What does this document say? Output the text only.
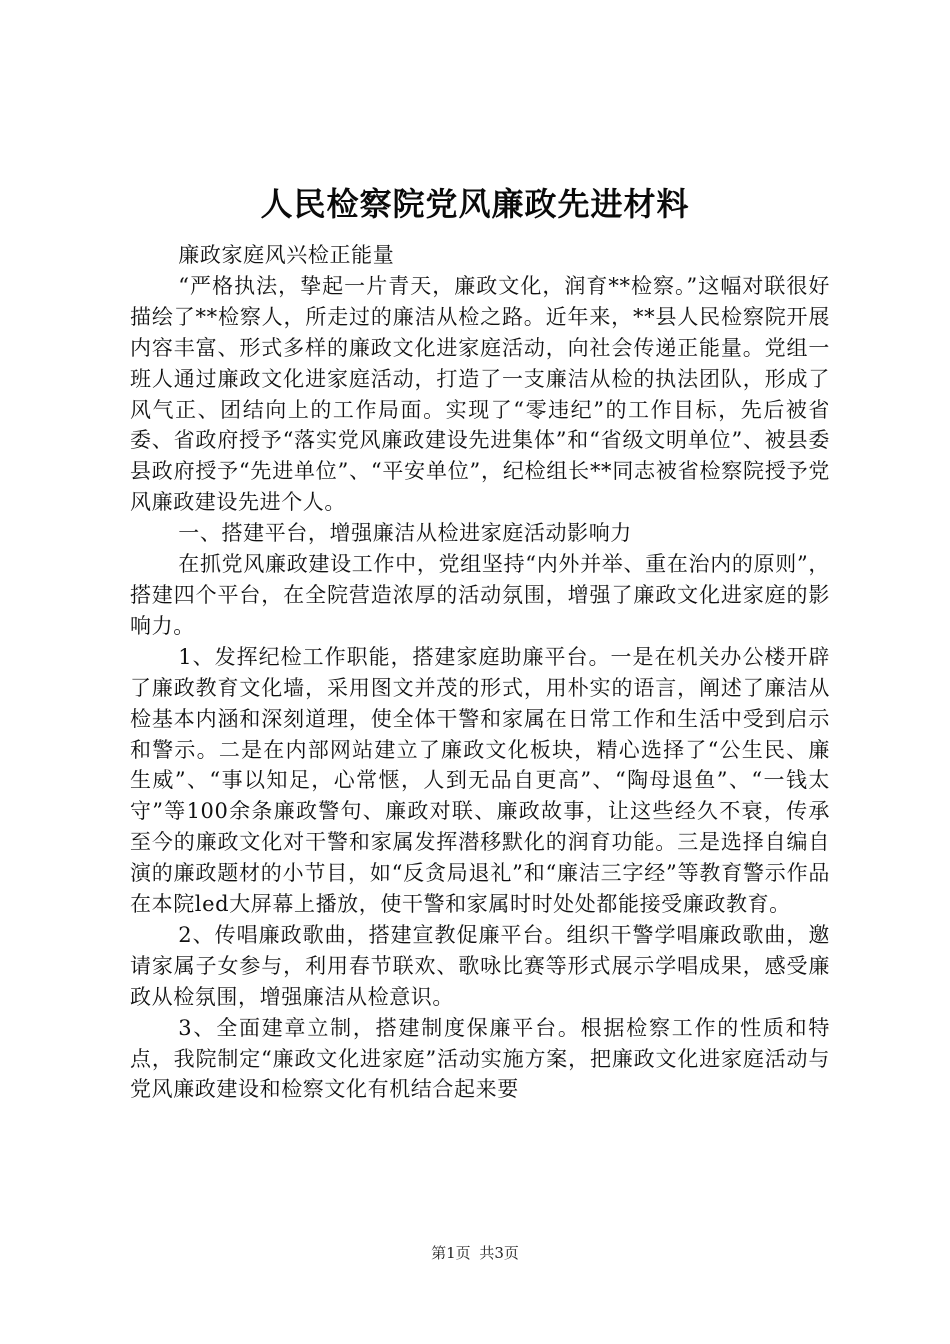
人民检察院党风廉政先进材料

廉政家庭风兴检正能量

“严格执法，挚起一片青天，廉政文化，润育**检察。”这幅对联很好描绘了**检察人，所走过的廉洁从检之路。近年来，**县人民检察院开展内容丰富、形式多样的廉政文化进家庭活动，向社会传递正能量。党组一班人通过廉政文化进家庭活动，打造了一支廉洁从检的执法团队，形成了风气正、团结向上的工作局面。实现了“零违纪”的工作目标，先后被省委、省政府授予“落实党风廉政建设先进集体”和“省级文明单位”、被县委县政府授予“先进单位”、“平安单位”，纪检组长**同志被省检察院授予党风廉政建设先进个人。

一、搭建平台，增强廉洁从检进家庭活动影响力

在抓党风廉政建设工作中，党组坚持“内外并举、重在治内的原则”，搭建四个平台，在全院营造浓厚的活动氛围，增强了廉政文化进家庭的影响力。

1、发挥纪检工作职能，搭建家庭助廉平台。一是在机关办公楼开辟了廉政教育文化墙，采用图文并茂的形式，用朴实的语言，阐述了廉洁从检基本内涵和深刻道理，使全体干警和家属在日常工作和生活中受到启示和警示。二是在内部网站建立了廉政文化板块，精心选择了“公生民、廉生威”、“事以知足，心常惬，人到无品自更高”、“陶母退鱼”、“一钱太守”等100余条廉政警句、廉政对联、廉政故事，让这些经久不衰，传承至今的廉政文化对干警和家属发挥潜移默化的润育功能。三是选择自编自演的廉政题材的小节目，如“反贪局退礼”和“廉洁三字经”等教育警示作品在本院led大屏幕上播放，使干警和家属时时处处都能接受廉政教育。

2、传唱廉政歌曲，搭建宣教促廉平台。组织干警学唱廉政歌曲，邀请家属子女参与，利用春节联欢、歌咏比赛等形式展示学唱成果，感受廉政从检氛围，增强廉洁从检意识。

3、全面建章立制，搭建制度保廉平台。根据检察工作的性质和特点，我院制定“廉政文化进家庭”活动实施方案，把廉政文化进家庭活动与党风廉政建设和检察文化有机结合起来要

第1页 共3页
